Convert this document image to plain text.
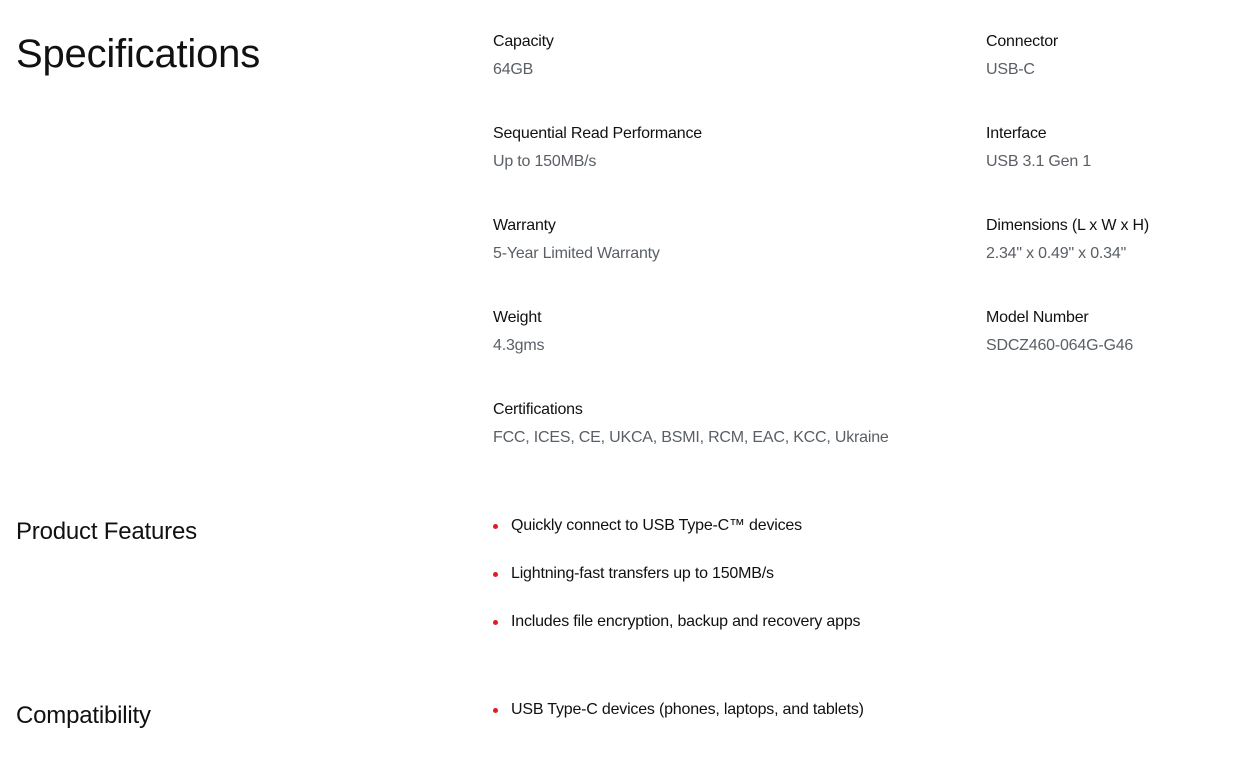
Specifications	Capacity
64GB
Connector
USB-C
Sequential Read Performance
Up to 150MB/s
Interface
USB 3.1 Gen 1
Warranty
5-Year Limited Warranty
Dimensions (L x W x H)
2.34" x 0.49" x 0.34"
Weight
4.3gms
Model Number
SDCZ460-064G-G46
Certifications
FCC, ICES, CE, UKCA, BSMI, RCM, EAC, KCC, Ukraine
Product Features	Quickly connect to USB Type-C™ devices
Lightning-fast transfers up to 150MB/s
Includes file encryption, backup and recovery apps
Compatibility	USB Type-C devices (phones, laptops, and tablets)
